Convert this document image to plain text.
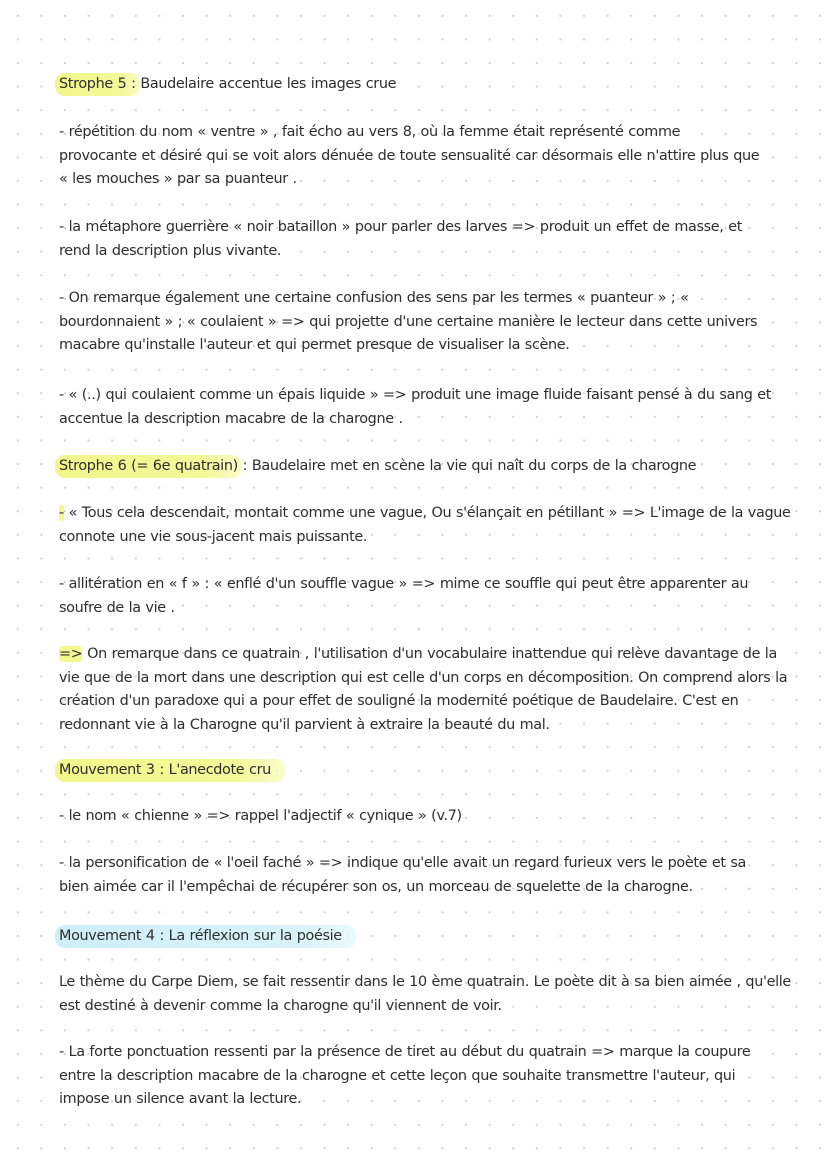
Strophe 5 : Baudelaire accentue les images crue
- répétition du nom « ventre » , fait écho au vers 8, où la femme était représenté comme
provocante et désiré qui se voit alors dénuée de toute sensualité car désormais elle n'attire plus que
« les mouches » par sa puanteur .
- la métaphore guerrière « noir bataillon » pour parler des larves => produit un effet de masse, et
rend la description plus vivante.
- On remarque également une certaine confusion des sens par les termes « puanteur » ; «
bourdonnaient » ; « coulaient » => qui projette d'une certaine manière le lecteur dans cette univers
macabre qu'installe l'auteur et qui permet presque de visualiser la scène.
- « (..) qui coulaient comme un épais liquide » => produit une image fluide faisant pensé à du sang et
accentue la description macabre de la charogne .
Strophe 6 (= 6e quatrain) : Baudelaire met en scène la vie qui naît du corps de la charogne
- « Tous cela descendait, montait comme une vague, Ou s'élançait en pétillant » => L'image de la vague
connote une vie sous-jacent mais puissante.
- allitération en « f » : « enflé d'un souffle vague » => mime ce souffle qui peut être apparenter au
soufre de la vie .
=> On remarque dans ce quatrain , l'utilisation d'un vocabulaire inattendue qui relève davantage de la
vie que de la mort dans une description qui est celle d'un corps en décomposition. On comprend alors la
création d'un paradoxe qui a pour effet de souligné la modernité poétique de Baudelaire. C'est en
redonnant vie à la Charogne qu'il parvient à extraire la beauté du mal.
Mouvement 3 : L'anecdote cru
- le nom « chienne » => rappel l'adjectif « cynique » (v.7)
- la personification de « l'oeil faché » => indique qu'elle avait un regard furieux vers le poète et sa
bien aimée car il l'empêchai de récupérer son os, un morceau de squelette de la charogne.
Mouvement 4 : La réflexion sur la poésie
Le thème du Carpe Diem, se fait ressentir dans le 10 ème quatrain. Le poète dit à sa bien aimée , qu'elle
est destiné à devenir comme la charogne qu'il viennent de voir.
- La forte ponctuation ressenti par la présence de tiret au début du quatrain => marque la coupure
entre la description macabre de la charogne et cette leçon que souhaite transmettre l'auteur, qui
impose un silence avant la lecture.
